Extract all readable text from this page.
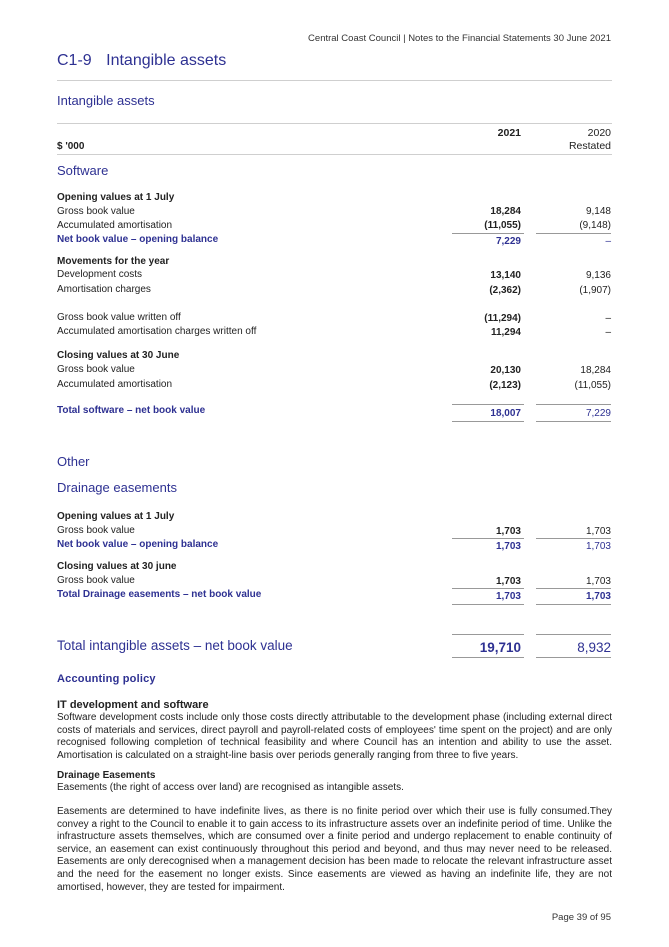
Central Coast Council | Notes to the Financial Statements 30 June 2021
C1-9 Intangible assets
Intangible assets
2021	2020
Restated
$ '000
Software
Opening values at 1 July
Gross book value	18,284	9,148
Accumulated amortisation	(11,055)	(9,148)
Net book value – opening balance	7,229	–
Movements for the year
Development costs	13,140	9,136
Amortisation charges	(2,362)	(1,907)
Gross book value written off	(11,294)	–
Accumulated amortisation charges written off	11,294	–
Closing values at 30 June
Gross book value	20,130	18,284
Accumulated amortisation	(2,123)	(11,055)
Total software – net book value	18,007	7,229
Other
Drainage easements
Opening values at 1 July
Gross book value	1,703	1,703
Net book value – opening balance	1,703	1,703
Closing values at 30 june
Gross book value	1,703	1,703
Total Drainage easements – net book value	1,703	1,703
Total intangible assets – net book value	19,710	8,932
Accounting policy
IT development and software
Software development costs include only those costs directly attributable to the development phase (including external direct costs of materials and services, direct payroll and payroll-related costs of employees' time spent on the project) and are only recognised following completion of technical feasibility and where Council has an intention and ability to use the asset. Amortisation is calculated on a straight-line basis over periods generally ranging from three to five years.
Drainage Easements
Easements (the right of access over land) are recognised as intangible assets.
Easements are determined to have indefinite lives, as there is no finite period over which their use is fully consumed.They convey a right to the Council to enable it to gain access to its infrastructure assets over an indefinite period of time. Unlike the infrastructure assets themselves, which are consumed over a finite period and undergo replacement to enable continuity of service, an easement can exist continuously throughout this period and beyond, and thus may never need to be released. Easements are only derecognised when a management decision has been made to relocate the relevant infrastructure asset and the need for the easement no longer exists. Since easements are viewed as having an indefinite life, they are not amortised, however, they are tested for impairment.
Page 39 of 95
